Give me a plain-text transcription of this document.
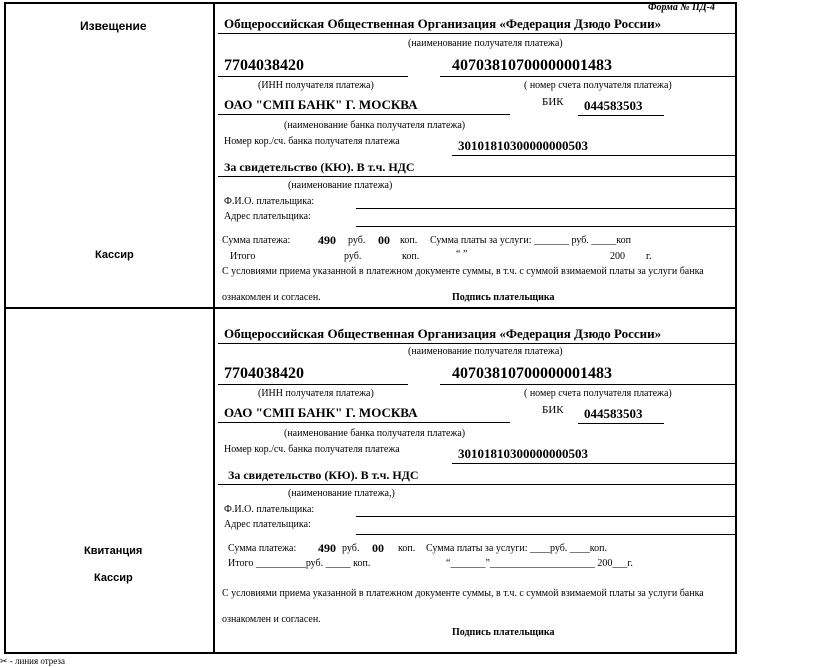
Форма № ПД-4
Извещение
Кассир
Квитанция
Кассир
Общероссийская Общественная Организация «Федерация Дзюдо России»
(наименование получателя платежа)
7704038420	40703810700000001483
(ИНН получателя платежа)	( номер счета получателя платежа)
ОАО "СМП БАНК" Г. МОСКВА	БИК 044583503
(наименование банка получателя платежа)
Номер кор./сч. банка получателя платежа	30101810300000000503
За свидетельство (КЮ). В т.ч. НДС
(наименование платежа)
Ф.И.О. плательщика:
Адрес плательщика:
Сумма платежа: 490 руб. 00 коп. Сумма платы за услуги: _______ руб. _____коп
Итого	руб.	коп.	“ ”	200 г.
С условиями приема указанной в платежном документе суммы, в т.ч. с суммой взимаемой платы за услуги банка
ознакомлен и согласен.	Подпись плательщика
Общероссийская Общественная Организация «Федерация Дзюдо России»
(наименование получателя платежа)
7704038420	40703810700000001483
(ИНН получателя платежа)	( номер счета получателя платежа)
ОАО "СМП БАНК" Г. МОСКВА	БИК 044583503
(наименование банка получателя платежа)
Номер кор./сч. банка получателя платежа	30101810300000000503
За свидетельство (КЮ). В т.ч. НДС
(наименование платежа,)
Ф.И.О. плательщика:
Адрес плательщика:
Сумма платежа: 490 руб. 00 коп. Сумма платы за услуги: ____руб. ____коп.
Итого __________руб. _____ коп.	“_______”_____________________ 200___г.
С условиями приема указанной в платежном документе суммы, в т.ч. с суммой взимаемой платы за услуги банка
ознакомлен и согласен.
Подпись плательщика
✂ - линия отреза
